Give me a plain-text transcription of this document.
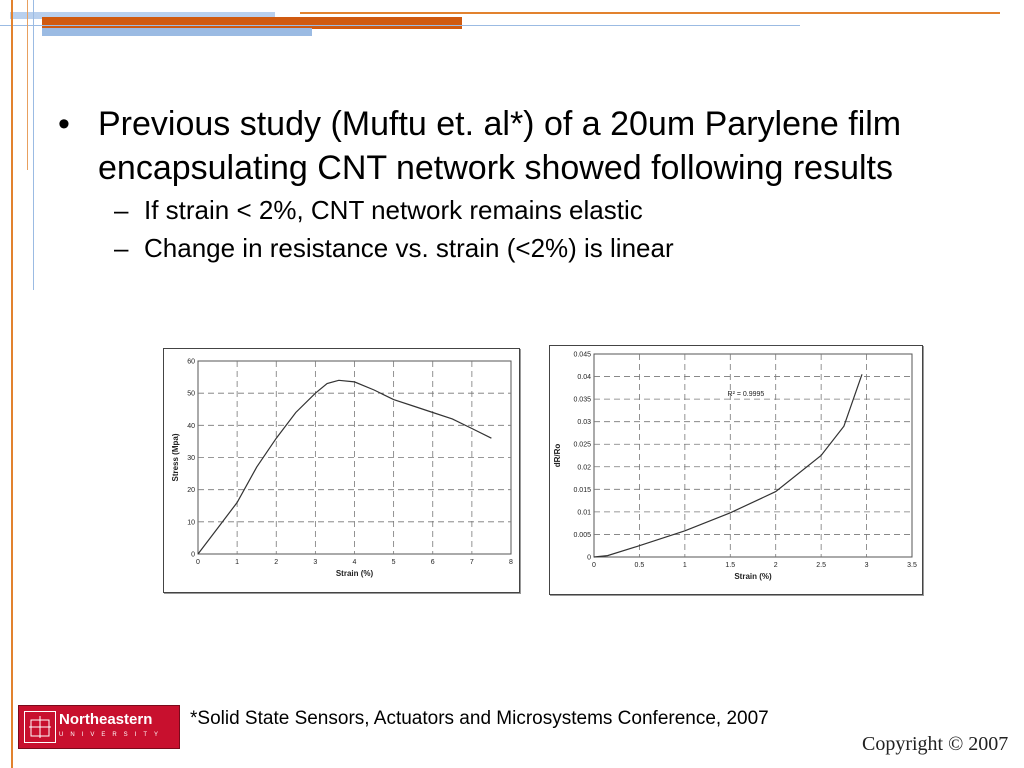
• Previous study (Muftu et. al*) of a 20um Parylene film encapsulating CNT network showed following results
– If strain < 2%, CNT network remains elastic
– Change in resistance vs. strain (<2%) is linear
0	1	2	3	4	5	6	7	8
0
10
20
30
40
50
60
Strain (%)
Stress (Mpa)
0	0.5	1	1.5	2	2.5	3	3.5
0
0.005
0.01
0.015
0.02
0.025
0.03
0.035
0.04
0.045
Strain (%)
dR/Ro
R² = 0.9995
Northeastern
UNIVERSITY
*Solid State Sensors, Actuators and Microsystems Conference, 2007
Copyright © 2007
